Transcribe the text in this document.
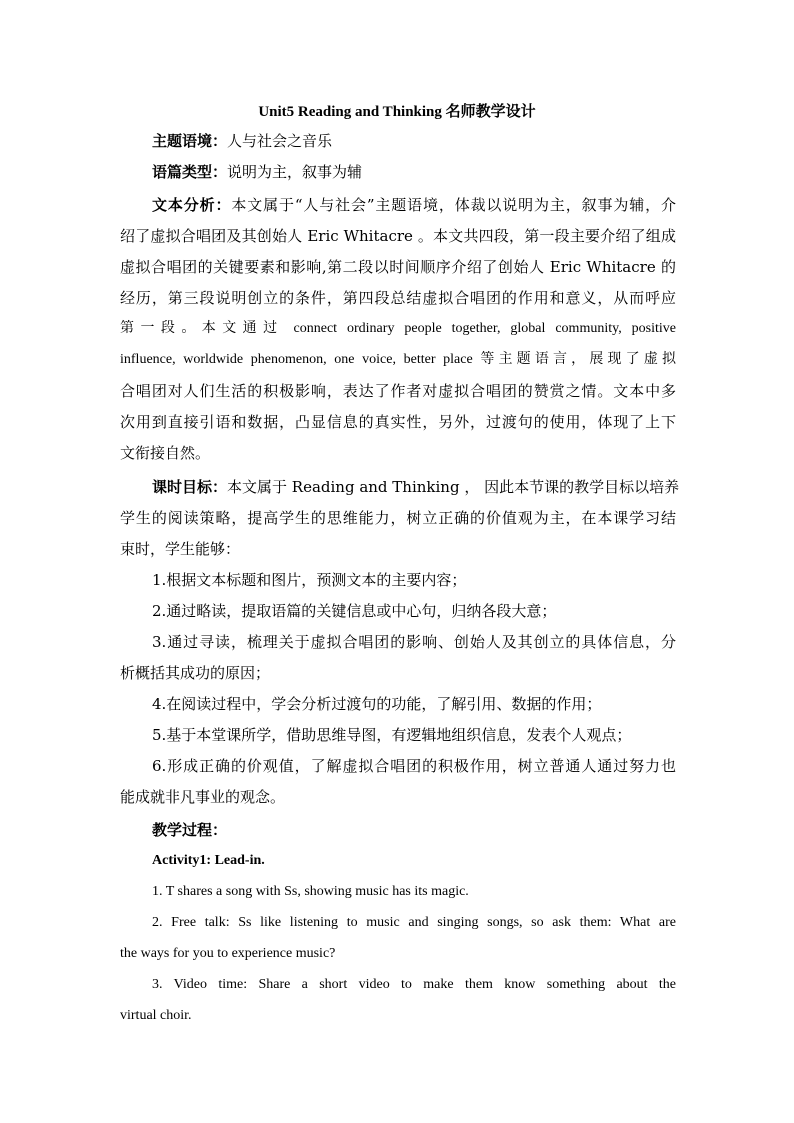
Unit5 Reading and Thinking 名师教学设计
主题语境：人与社会之音乐
语篇类型：说明为主，叙事为辅
文本分析：本文属于“人与社会”主题语境，体裁以说明为主，叙事为辅，介
绍了虚拟合唱团及其创始人 Eric Whitacre 。本文共四段，第一段主要介绍了组成
虚拟合唱团的关键要素和影响,第二段以时间顺序介绍了创始人 Eric Whitacre 的
经历，第三段说明创立的条件，第四段总结虚拟合唱团的作用和意义，从而呼应
第一段。本文通过 connect ordinary people together, global community, positive
influence, worldwide phenomenon, one voice, better place 等主题语言，展现了虚拟
合唱团对人们生活的积极影响，表达了作者对虚拟合唱团的赞赏之情。文本中多
次用到直接引语和数据，凸显信息的真实性，另外，过渡句的使用，体现了上下
文衔接自然。
课时目标：本文属于 Reading and Thinking ， 因此本节课的教学目标以培养
学生的阅读策略，提高学生的思维能力，树立正确的价值观为主，在本课学习结
束时，学生能够：
1.根据文本标题和图片，预测文本的主要内容；
2.通过略读，提取语篇的关键信息或中心句，归纳各段大意；
3.通过寻读，梳理关于虚拟合唱团的影响、创始人及其创立的具体信息，分
析概括其成功的原因；
4.在阅读过程中，学会分析过渡句的功能，了解引用、数据的作用；
5.基于本堂课所学，借助思维导图，有逻辑地组织信息，发表个人观点；
6.形成正确的价观值，了解虚拟合唱团的积极作用，树立普通人通过努力也
能成就非凡事业的观念。
教学过程：
Activity1: Lead-in.
1. T shares a song with Ss, showing music has its magic.
2. Free talk: Ss like listening to music and singing songs, so ask them: What are
the ways for you to experience music?
3. Video time: Share a short video to make them know something about the
virtual choir.
